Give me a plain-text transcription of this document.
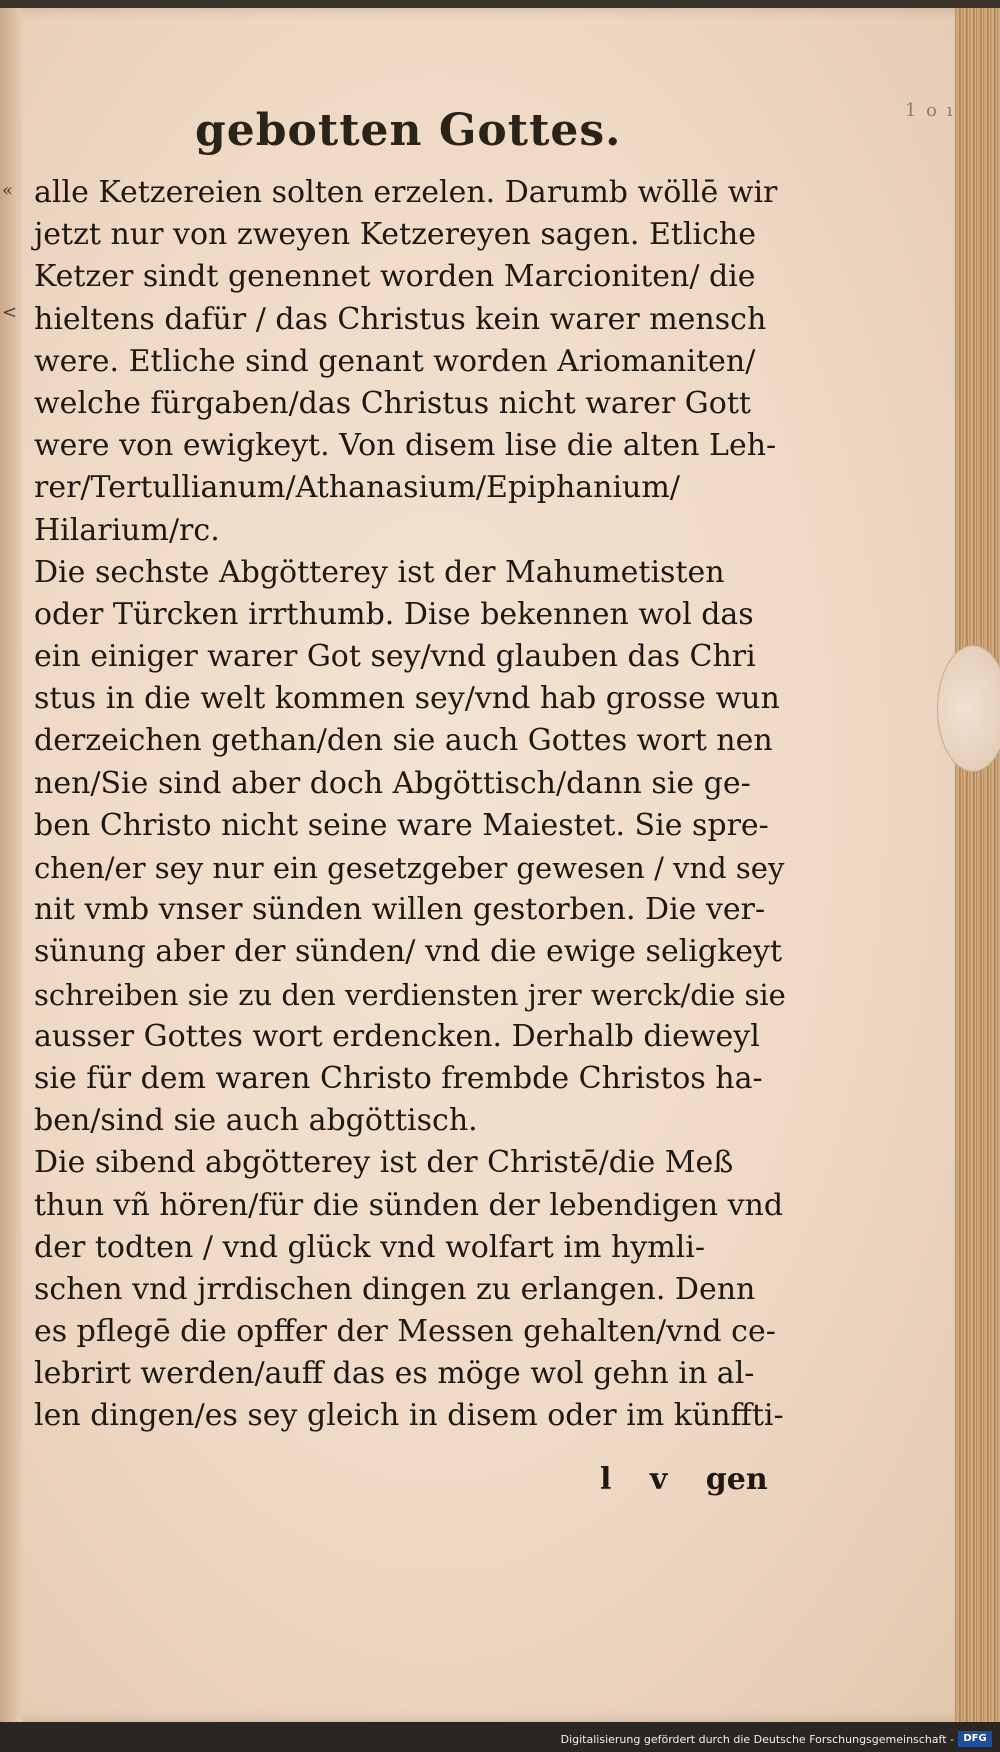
1 o ı
«
<
gebotten Gottes.
alle Ketzereien solten erzelen. Darumb wöllē wir
jetzt nur von zweyen Ketzereyen sagen. Etliche
Ketzer sindt genennet worden Marcioniten/ die
hieltens dafür / das Christus kein warer mensch
were. Etliche sind genant worden Ariomaniten/
welche fürgaben/das Christus nicht warer Gott
were von ewigkeyt. Von disem lise die alten Leh-
rer/Tertullianum/Athanasium/Epiphanium/
Hilarium/rc.
Die sechste Abgötterey ist der Mahumetisten
oder Türcken irrthumb. Dise bekennen wol das
ein einiger warer Got sey/vnd glauben das Chri
stus in die welt kommen sey/vnd hab grosse wun
derzeichen gethan/den sie auch Gottes wort nen
nen/Sie sind aber doch Abgöttisch/dann sie ge-
ben Christo nicht seine ware Maiestet. Sie spre-
chen/er sey nur ein gesetzgeber gewesen / vnd sey
nit vmb vnser sünden willen gestorben. Die ver-
sünung aber der sünden/ vnd die ewige seligkeyt
schreiben sie zu den verdiensten jrer werck/die sie
ausser Gottes wort erdencken. Derhalb dieweyl
sie für dem waren Christo frembde Christos ha-
ben/sind sie auch abgöttisch.
Die sibend abgötterey ist der Christē/die Meß
thun vñ hören/für die sünden der lebendigen vnd
der todten / vnd glück vnd wolfart im hymli-
schen vnd jrrdischen dingen zu erlangen. Denn
es pflegē die opffer der Messen gehalten/vnd ce-
lebrirt werden/auff das es möge wol gehn in al-
len dingen/es sey gleich in disem oder im künffti-
l v gen
Digitalisierung gefördert durch die Deutsche Forschungsgemeinschaft - DFG
